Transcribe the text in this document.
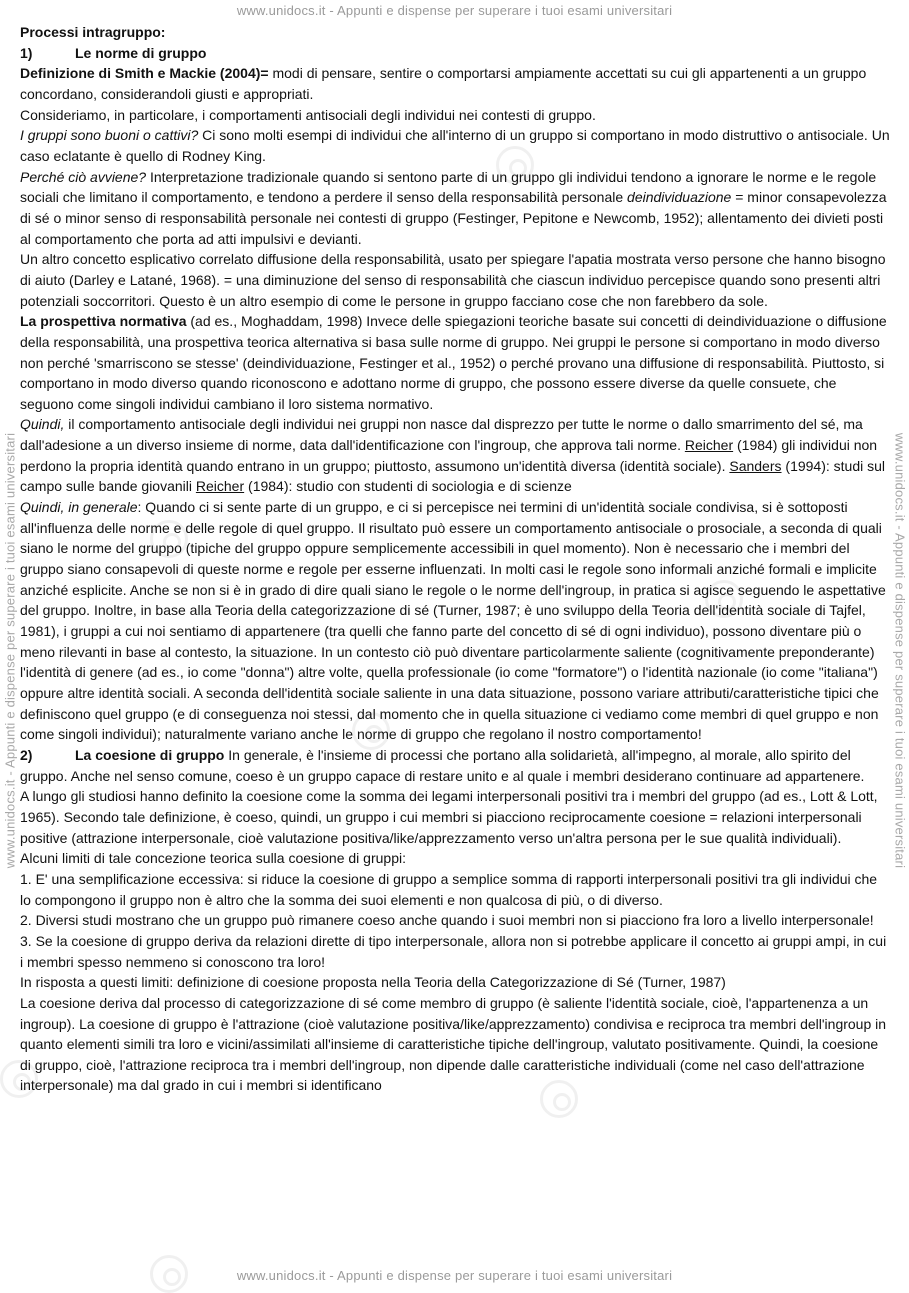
www.unidocs.it - Appunti e dispense per superare i tuoi esami universitari
www.unidocs.it - Appunti e dispense per superare i tuoi esami universitari
www.unidocs.it - Appunti e dispense per superare i tuoi esami universitari	www.unidocs.it - Appunti e dispense per superare i tuoi esami universitari

Processi intragruppo:

1)	Le norme di gruppo

Definizione di Smith e Mackie (2004)= modi di pensare, sentire o comportarsi ampiamente accettati su cui gli appartenenti a un gruppo concordano, considerandoli giusti e appropriati.

Consideriamo, in particolare, i comportamenti antisociali degli individui nei contesti di gruppo.

I gruppi sono buoni o cattivi? Ci sono molti esempi di individui che all'interno di un gruppo si comportano in modo distruttivo o antisociale. Un caso eclatante è quello di Rodney King.

Perché ciò avviene? Interpretazione tradizionale quando si sentono parte di un gruppo gli individui tendono a ignorare le norme e le regole sociali che limitano il comportamento, e tendono a perdere il senso della responsabilità personale deindividuazione = minor consapevolezza di sé o minor senso di responsabilità personale nei contesti di gruppo (Festinger, Pepitone e Newcomb, 1952); allentamento dei divieti posti al comportamento che porta ad atti impulsivi e devianti.

Un altro concetto esplicativo correlato diffusione della responsabilità, usato per spiegare l'apatia mostrata verso persone che hanno bisogno di aiuto (Darley e Latané, 1968). = una diminuzione del senso di responsabilità che ciascun individuo percepisce quando sono presenti altri potenziali soccorritori. Questo è un altro esempio di come le persone in gruppo facciano cose che non farebbero da sole.

La prospettiva normativa (ad es., Moghaddam, 1998) Invece delle spiegazioni teoriche basate sui concetti di deindividuazione o diffusione della responsabilità, una prospettiva teorica alternativa si basa sulle norme di gruppo. Nei gruppi le persone si comportano in modo diverso non perché 'smarriscono se stesse' (deindividuazione, Festinger et al., 1952) o perché provano una diffusione di responsabilità. Piuttosto, si comportano in modo diverso quando riconoscono e adottano norme di gruppo, che possono essere diverse da quelle consuete, che seguono come singoli individui cambiano il loro sistema normativo.

Quindi, il comportamento antisociale degli individui nei gruppi non nasce dal disprezzo per tutte le norme o dallo smarrimento del sé, ma dall'adesione a un diverso insieme di norme, data dall'identificazione con l'ingroup, che approva tali norme. Reicher (1984) gli individui non perdono la propria identità quando entrano in un gruppo; piuttosto, assumono un'identità diversa (identità sociale). Sanders (1994): studi sul campo sulle bande giovanili Reicher (1984): studio con studenti di sociologia e di scienze

Quindi, in generale: Quando ci si sente parte di un gruppo, e ci si percepisce nei termini di un'identità sociale condivisa, si è sottoposti all'influenza delle norme e delle regole di quel gruppo. Il risultato può essere un comportamento antisociale o prosociale, a seconda di quali siano le norme del gruppo (tipiche del gruppo oppure semplicemente accessibili in quel momento). Non è necessario che i membri del gruppo siano consapevoli di queste norme e regole per esserne influenzati. In molti casi le regole sono informali anziché formali e implicite anziché esplicite. Anche se non si è in grado di dire quali siano le regole o le norme dell'ingroup, in pratica si agisce seguendo le aspettative del gruppo. Inoltre, in base alla Teoria della categorizzazione di sé (Turner, 1987; è uno sviluppo della Teoria dell'identità sociale di Tajfel, 1981), i gruppi a cui noi sentiamo di appartenere (tra quelli che fanno parte del concetto di sé di ogni individuo), possono diventare più o meno rilevanti in base al contesto, la situazione. In un contesto ciò può diventare particolarmente saliente (cognitivamente preponderante) l'identità di genere (ad es., io come "donna") altre volte, quella professionale (io come "formatore") o l'identità nazionale (io come "italiana") oppure altre identità sociali. A seconda dell'identità sociale saliente in una data situazione, possono variare attributi/caratteristiche tipici che definiscono quel gruppo (e di conseguenza noi stessi, dal momento che in quella situazione ci vediamo come membri di quel gruppo e non come singoli individui); naturalmente variano anche le norme di gruppo che regolano il nostro comportamento!

2)	La coesione di gruppo In generale, è l'insieme di processi che portano alla solidarietà, all'impegno, al morale, allo spirito del gruppo. Anche nel senso comune, coeso è un gruppo capace di restare unito e al quale i membri desiderano continuare ad appartenere.

A lungo gli studiosi hanno definito la coesione come la somma dei legami interpersonali positivi tra i membri del gruppo (ad es., Lott & Lott, 1965). Secondo tale definizione, è coeso, quindi, un gruppo i cui membri si piacciono reciprocamente coesione = relazioni interpersonali positive (attrazione interpersonale, cioè valutazione positiva/like/apprezzamento verso un'altra persona per le sue qualità individuali).

Alcuni limiti di tale concezione teorica sulla coesione di gruppi:

1. E' una semplificazione eccessiva: si riduce la coesione di gruppo a semplice somma di rapporti interpersonali positivi tra gli individui che lo compongono il gruppo non è altro che la somma dei suoi elementi e non qualcosa di più, o di diverso.

2. Diversi studi mostrano che un gruppo può rimanere coeso anche quando i suoi membri non si piacciono fra loro a livello interpersonale!

3. Se la coesione di gruppo deriva da relazioni dirette di tipo interpersonale, allora non si potrebbe applicare il concetto ai gruppi ampi, in cui i membri spesso nemmeno si conoscono tra loro!

In risposta a questi limiti: definizione di coesione proposta nella Teoria della Categorizzazione di Sé (Turner, 1987)

La coesione deriva dal processo di categorizzazione di sé come membro di gruppo (è saliente l'identità sociale, cioè, l'appartenenza a un ingroup). La coesione di gruppo è l'attrazione (cioè valutazione positiva/like/apprezzamento) condivisa e reciproca tra membri dell'ingroup in quanto elementi simili tra loro e vicini/assimilati all'insieme di caratteristiche tipiche dell'ingroup, valutato positivamente. Quindi, la coesione di gruppo, cioè, l'attrazione reciproca tra i membri dell'ingroup, non dipende dalle caratteristiche individuali (come nel caso dell'attrazione interpersonale) ma dal grado in cui i membri si identificano
